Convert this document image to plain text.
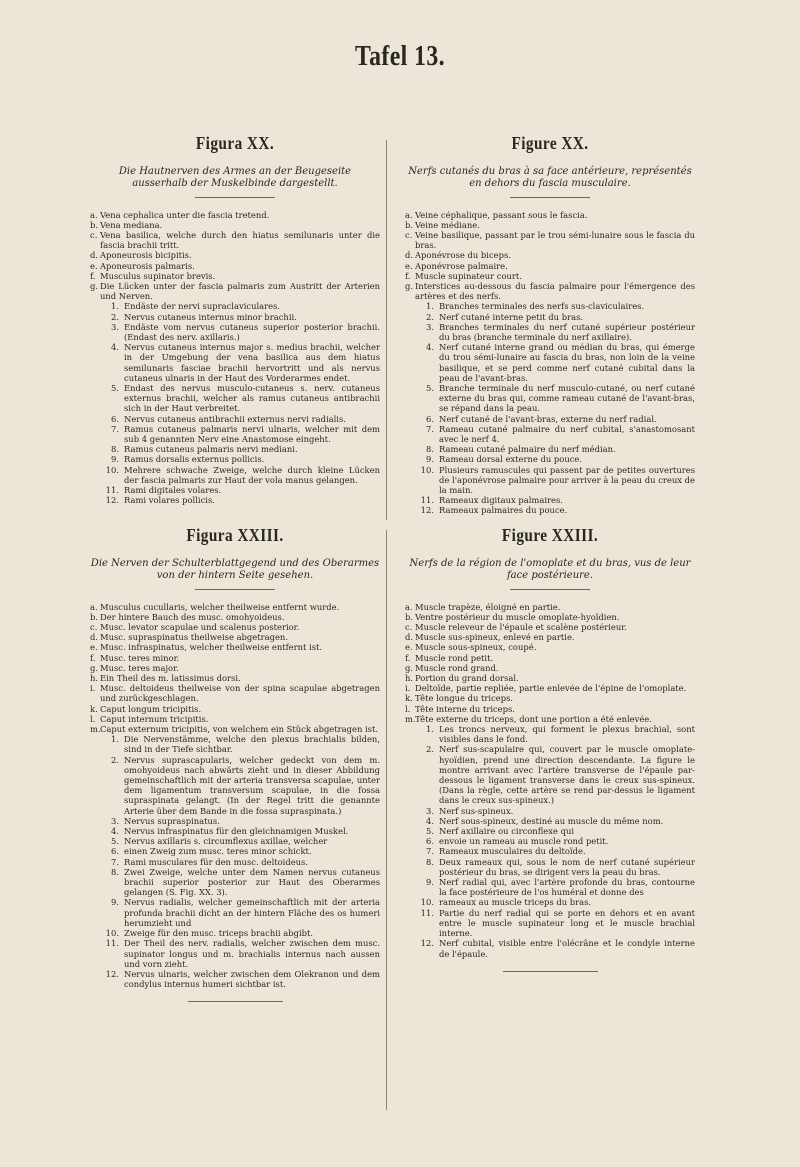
Tafel 13.
Figura XX.
Die Hautnerven des Armes an der Beugeseite ausserhalb der Muskelbinde dargestellt.
a. Vena cephalica unter die fascia tretend.
b. Vena mediana.
c. Vena basilica, welche durch den hiatus semilunaris unter die fascia brachii tritt.
d. Aponeurosis bicipitis.
e. Aponeurosis palmaris.
f. Musculus supinator brevis.
g. Die Lücken unter der fascia palmaris zum Austritt der Arterien und Nerven.
1. Endäste der nervi supraclaviculares.
2. Nervus cutaneus internus minor brachii.
3. Endäste vom nervus cutaneus superior posterior brachii. (Endast des nerv. axillaris.)
4. Nervus cutaneus internus major s. medius brachii, welcher in der Umgebung der vena basilica aus dem hiatus semilunaris fasciae brachii hervortritt und als nervus cutaneus ulnaris in der Haut des Vorderarmes endet.
5. Endast des nervus musculo-cutaneus s. nerv. cutaneus externus brachii, welcher als ramus cutaneus antibrachii sich in der Haut verbreitet.
6. Nervus cutaneus antibrachii externus nervi radialis.
7. Ramus cutaneus palmaris nervi ulnaris, welcher mit dem sub 4 genannten Nerv eine Anastomose eingeht.
8. Ramus cutaneus palmaris nervi mediani.
9. Ramus dorsalis externus pollicis.
10. Mehrere schwache Zweige, welche durch kleine Lücken der fascia palmaris zur Haut der vola manus gelangen.
11. Rami digitales volares.
12. Rami volares pollicis.
Figura XXIII.
Die Nerven der Schulterblattgegend und des Oberarmes von der hintern Seite gesehen.
a. Musculus cucullaris, welcher theilweise entfernt wurde.
b. Der hintere Bauch des musc. omohyoideus.
c. Musc. levator scapulae und scalenus posterior.
d. Musc. supraspinatus theilweise abgetragen.
e. Musc. infraspinatus, welcher theilweise entfernt ist.
f. Musc. teres minor.
g. Musc. teres major.
h. Ein Theil des m. latissimus dorsi.
i. Musc. deltoideus theilweise von der spina scapulae abgetragen und zurückgeschlagen.
k. Caput longum tricipitis.
l. Caput internum tricipitis.
m. Caput externum tricipitis, von welchem ein Stück abgetragen ist.
1. Die Nervenstämme, welche den plexus brachialis bilden, sind in der Tiefe sichtbar.
2. Nervus suprascapularis, welcher gedeckt von dem m. omohyoideus nach abwärts zieht und in dieser Abbildung gemeinschaftlich mit der arteria transversa scapulae, unter dem ligamentum transversum scapulae, in die fossa supraspinata gelangt. (In der Regel tritt die genannte Arterie über dem Bande in die fossa supraspinata.)
3. Nervus supraspinatus.
4. Nervus infraspinatus für den gleichnamigen Muskel.
5. Nervus axillaris s. circumflexus axillae, welcher
6. einen Zweig zum musc. teres minor schickt.
7. Rami musculares für den musc. deltoideus.
8. Zwei Zweige, welche unter dem Namen nervus cutaneus brachii superior posterior zur Haut des Oberarmes gelangen (S. Fig. XX. 3).
9. Nervus radialis, welcher gemeinschaftlich mit der arteria profunda brachii dicht an der hintern Fläche des os humeri herumzieht und
10. Zweige für den musc. triceps brachii abgibt.
11. Der Theil des nerv. radialis, welcher zwischen dem musc. supinator longus und m. brachialis internus nach aussen und vorn zieht.
12. Nervus ulnaris, welcher zwischen dem Olekranon und dem condylus internus humeri sichtbar ist.
Figure XX.
Nerfs cutanés du bras à sa face antérieure, représentés en dehors du fascia musculaire.
a. Veine céphalique, passant sous le fascia.
b. Veine médiane.
c. Veine basilique, passant par le trou sémi-lunaire sous le fascia du bras.
d. Aponévrose du biceps.
e. Aponévrose palmaire.
f. Muscle supinateur court.
g. Interstices au-dessous du fascia palmaire pour l'émergence des artères et des nerfs.
1. Branches terminales des nerfs sus-claviculaires.
2. Nerf cutané interne petit du bras.
3. Branches terminales du nerf cutané supérieur postérieur du bras (branche terminale du nerf axillaire).
4. Nerf cutané interne grand ou médian du bras, qui émerge du trou sémi-lunaire au fascia du bras, non loin de la veine basilique, et se perd comme nerf cutané cubital dans la peau de l'avant-bras.
5. Branche terminale du nerf musculo-cutané, ou nerf cutané externe du bras qui, comme rameau cutané de l'avant-bras, se répand dans la peau.
6. Nerf cutané de l'avant-bras, externe du nerf radial.
7. Rameau cutané palmaire du nerf cubital, s'anastomosant avec le nerf 4.
8. Rameau cutané palmaire du nerf médian.
9. Rameau dorsal externe du pouce.
10. Plusieurs ramuscules qui passent par de petites ouvertures de l'aponévrose palmaire pour arriver à la peau du creux de la main.
11. Rameaux digitaux palmaires.
12. Rameaux palmaires du pouce.
Figure XXIII.
Nerfs de la région de l'omoplate et du bras, vus de leur face postérieure.
a. Muscle trapèze, éloigné en partie.
b. Ventre postérieur du muscle omoplate-hyoïdien.
c. Muscle releveur de l'épaule et scalène postérieur.
d. Muscle sus-spineux, enlevé en partie.
e. Muscle sous-spineux, coupé.
f. Muscle rond petit.
g. Muscle rond grand.
h. Portion du grand dorsal.
i. Deltoïde, partie repliée, partie enlevée de l'épine de l'omoplate.
k. Tête longue du triceps.
l. Tête interne du triceps.
m. Tête externe du triceps, dont une portion a été enlevée.
1. Les troncs nerveux, qui forment le plexus brachial, sont visibles dans le fond.
2. Nerf sus-scapulaire qui, couvert par le muscle omoplate-hyoïdien, prend une direction descendante. La figure le montre arrivant avec l'artère transverse de l'épaule par-dessous le ligament transverse dans le creux sus-spineux. (Dans la règle, cette artère se rend par-dessus le ligament dans le creux sus-spineux.)
3. Nerf sus-spineux.
4. Nerf sous-spineux, destiné au muscle du même nom.
5. Nerf axillaire ou circonflexe qui
6. envoie un rameau au muscle rond petit.
7. Rameaux musculaires du deltoïde.
8. Deux rameaux qui, sous le nom de nerf cutané supérieur postérieur du bras, se dirigent vers la peau du bras.
9. Nerf radial qui, avec l'artère profonde du bras, contourne la face postérieure de l'os huméral et donne des
10. rameaux au muscle triceps du bras.
11. Partie du nerf radial qui se porte en dehors et en avant entre le muscle supinateur long et le muscle brachial interne.
12. Nerf cubital, visible entre l'olécrâne et le condyle interne de l'épaule.
